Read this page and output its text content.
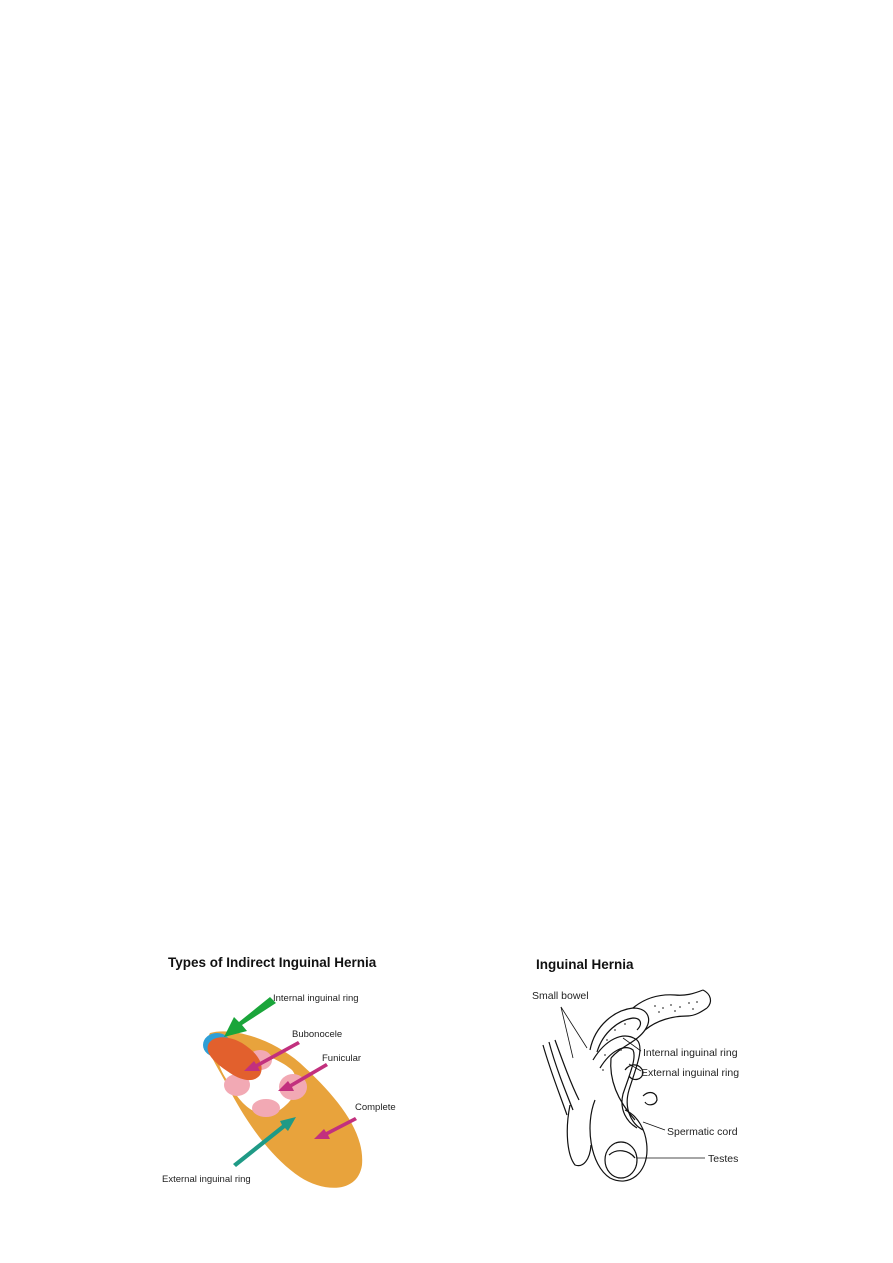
Types of Indirect Inguinal Hernia
Internal inguinal ring
Bubonocele
Funicular
Complete
External inguinal ring
Inguinal Hernia
Small bowel
Internal inguinal ring
External inguinal ring
Spermatic cord
Testes
